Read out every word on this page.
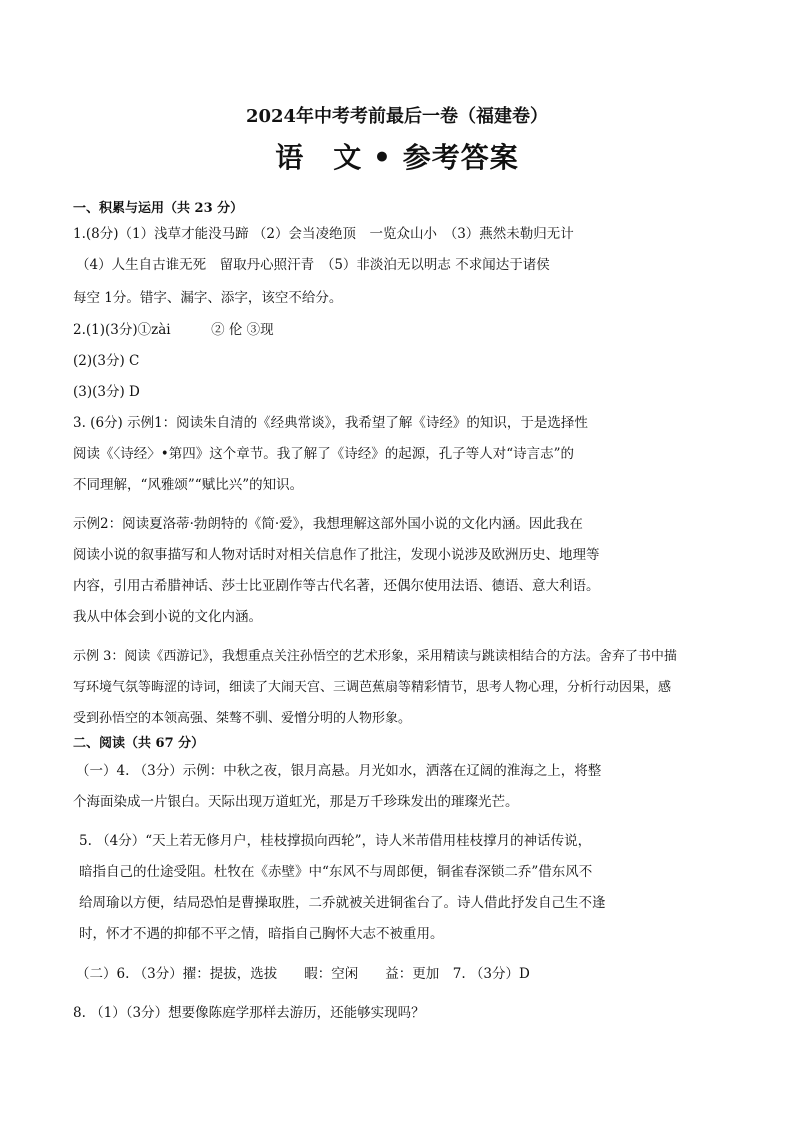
2024年中考考前最后一卷（福建卷）
语　文 • 参考答案

一、积累与运用（共 23 分）

1.(8分)（1）浅草才能没马蹄 （2）会当凌绝顶　一览众山小　（3）燕然未勒归无计

（4）人生自古谁无死　留取丹心照汗青　（5）非淡泊无以明志 不求闻达于诸侯

每空 1分。错字、漏字、添字，该空不给分。

2.(1)(3分)①zài　　　② 伦 ③现

(2)(3分) C

(3)(3分) D

3. (6分) 示例1：阅读朱自清的《经典常谈》，我希望了解《诗经》的知识，于是选择性

阅读《〈诗经〉•第四》这个章节。我了解了《诗经》的起源，孔子等人对“诗言志”的

不同理解，“风雅颂”“赋比兴”的知识。

示例2：阅读夏洛蒂·勃朗特的《简·爱》，我想理解这部外国小说的文化内涵。因此我在

阅读小说的叙事描写和人物对话时对相关信息作了批注，发现小说涉及欧洲历史、地理等

内容，引用古希腊神话、莎士比亚剧作等古代名著，还偶尔使用法语、德语、意大利语。

我从中体会到小说的文化内涵。

示例 3：阅读《西游记》，我想重点关注孙悟空的艺术形象，采用精读与跳读相结合的方法。舍弃了书中描

写环境气氛等晦涩的诗词，细读了大闹天宫、三调芭蕉扇等精彩情节，思考人物心理，分析行动因果，感

受到孙悟空的本领高强、桀骜不驯、爱憎分明的人物形象。

二、阅读（共 67 分）

（一）4. （3分）示例：中秋之夜，银月高悬。月光如水，洒落在辽阔的淮海之上，将整

个海面染成一片银白。天际出现万道虹光，那是万千珍珠发出的璀璨光芒。

5. （4分）“天上若无修月户，桂枝撑损向西轮”，诗人米芾借用桂枝撑月的神话传说，

暗指自己的仕途受阻。杜牧在《赤壁》中“东风不与周郎便，铜雀春深锁二乔”借东风不

给周瑜以方便，结局恐怕是曹操取胜，二乔就被关进铜雀台了。诗人借此抒发自己生不逢

时，怀才不遇的抑郁不平之情，暗指自己胸怀大志不被重用。

（二）6. （3分）擢：提拔，选拔　　暇：空闲　　益：更加　7. （3分）D

8. （1）（3分）想要像陈庭学那样去游历，还能够实现吗？
